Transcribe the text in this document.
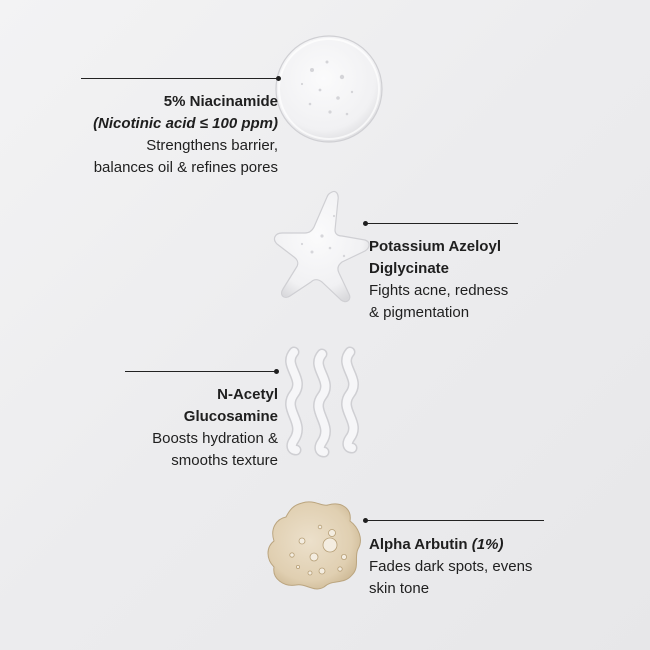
5% Niacinamide
(Nicotinic acid ≤ 100 ppm)
Strengthens barrier,
balances oil & refines pores
Potassium Azeloyl
Diglycinate
Fights acne, redness
& pigmentation
N-Acetyl
Glucosamine
Boosts hydration &
smooths texture
Alpha Arbutin (1%)
Fades dark spots, evens
skin tone
